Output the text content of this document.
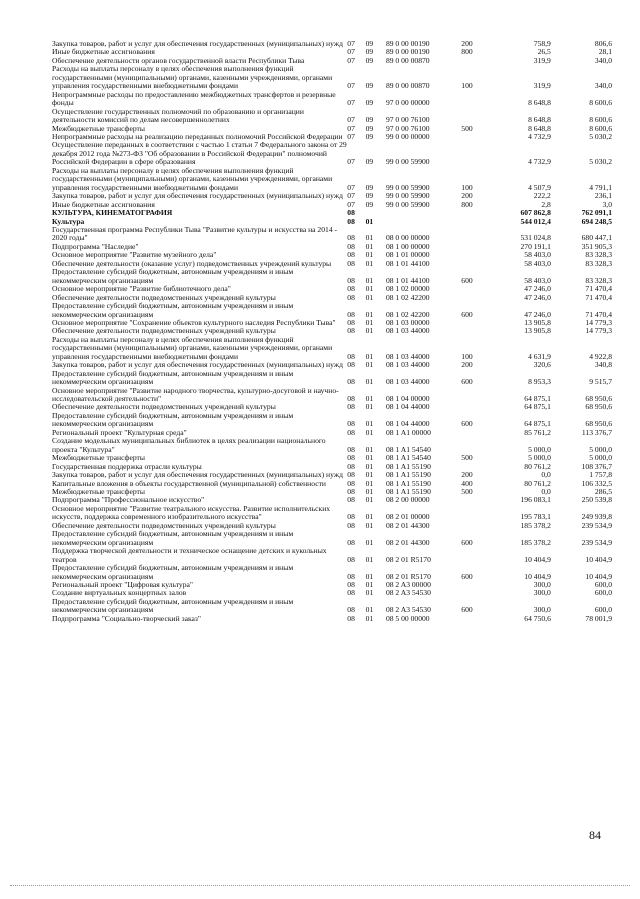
Закупка товаров, работ и услуг для обеспечения государственных (муниципальных) нужд	07	09	89 0 00 00190	200	758,9	806,6
Иные бюджетные ассигнования	07	09	89 0 00 00190	800	26,5	28,1
Обеспечение деятельности органов государственной власти Республики Тыва	07	09	89 0 00 00870		319,9	340,0
Расходы на выплаты персоналу в целях обеспечения выполнения функций государственными (муниципальными) органами, казенными учреждениями, органами управления государственными внебюджетными фондами	07	09	89 0 00 00870	100	319,9	340,0
Непрограммные расходы по предоставлению межбюджетных трансфертов и резервные фонды	07	09	97 0 00 00000		8 648,8	8 600,6
Осуществление государственных полномочий по образованию и организации деятельности комиссий по делам несовершеннолетних	07	09	97 0 00 76100		8 648,8	8 600,6
Межбюджетные трансферты	07	09	97 0 00 76100	500	8 648,8	8 600,6
Непрограммные расходы на реализацию переданных полномочий Российской Федерации	07	09	99 0 00 00000		4 732,9	5 030,2
Осуществление переданных в соответствии с частью 1 статьи 7 Федерального закона от 29 декабря 2012 года №273-ФЗ "Об образовании в Российской Федерации" полномочий Российской Федерации в сфере образования	07	09	99 0 00 59900		4 732,9	5 030,2
Расходы на выплаты персоналу в целях обеспечения выполнения функций государственными (муниципальными) органами, казенными учреждениями, органами управления государственными внебюджетными фондами	07	09	99 0 00 59900	100	4 507,9	4 791,1
Закупка товаров, работ и услуг для обеспечения государственных (муниципальных) нужд	07	09	99 0 00 59900	200	222,2	236,1
Иные бюджетные ассигнования	07	09	99 0 00 59900	800	2,8	3,0
КУЛЬТУРА, КИНЕМАТОГРАФИЯ	08				607 862,8	762 091,1
Культура	08	01			544 012,4	694 248,5
Государственная программа Республики Тыва "Развитие культуры и искусства на 2014 - 2020 годы"	08	01	08 0 00 00000		531 024,8	680 447,1
Подпрограмма "Наследие"	08	01	08 1 00 00000		270 191,1	351 905,3
Основное мероприятие "Развитие музейного дела"	08	01	08 1 01 00000		58 403,0	83 328,3
Обеспечение деятельности (оказание услуг) подведомственных учреждений культуры	08	01	08 1 01 44100		58 403,0	83 328,3
Предоставление субсидий бюджетным, автономным учреждениям и иным некоммерческим организациям	08	01	08 1 01 44100	600	58 403,0	83 328,3
Основное мероприятие "Развитие библиотечного дела"	08	01	08 1 02 00000		47 246,0	71 470,4
Обеспечение деятельности подведомственных учреждений культуры	08	01	08 1 02 42200		47 246,0	71 470,4
Предоставление субсидий бюджетным, автономным учреждениям и иным некоммерческим организациям	08	01	08 1 02 42200	600	47 246,0	71 470,4
Основное мероприятие "Сохранение объектов культурного наследия Республики Тыва"	08	01	08 1 03 00000		13 905,8	14 779,3
Обеспечение деятельности подведомственных учреждений культуры	08	01	08 1 03 44000		13 905,8	14 779,3
Расходы на выплаты персоналу в целях обеспечения выполнения функций государственными (муниципальными) органами, казенными учреждениями, органами управления государственными внебюджетными фондами	08	01	08 1 03 44000	100	4 631,9	4 922,8
Закупка товаров, работ и услуг для обеспечения государственных (муниципальных) нужд	08	01	08 1 03 44000	200	320,6	340,8
Предоставление субсидий бюджетным, автономным учреждениям и иным некоммерческим организациям	08	01	08 1 03 44000	600	8 953,3	9 515,7
Основное мероприятие "Развитие народного творчества, культурно-досуговой и научно-исследовательской деятельности"	08	01	08 1 04 00000		64 875,1	68 950,6
Обеспечение деятельности подведомственных учреждений культуры	08	01	08 1 04 44000		64 875,1	68 950,6
Предоставление субсидий бюджетным, автономным учреждениям и иным некоммерческим организациям	08	01	08 1 04 44000	600	64 875,1	68 950,6
Региональный проект "Культурная среда"	08	01	08 1 A1 00000		85 761,2	113 376,7
Создание модельных муниципальных библиотек в целях реализации национального проекта "Культура"	08	01	08 1 A1 54540		5 000,0	5 000,0
Межбюджетные трансферты	08	01	08 1 A1 54540	500	5 000,0	5 000,0
Государственная поддержка отрасли культуры	08	01	08 1 A1 55190		80 761,2	108 376,7
Закупка товаров, работ и услуг для обеспечения государственных (муниципальных) нужд	08	01	08 1 A1 55190	200	0,0	1 757,8
Капитальные вложения в объекты государственной (муниципальной) собственности	08	01	08 1 A1 55190	400	80 761,2	106 332,5
Межбюджетные трансферты	08	01	08 1 A1 55190	500	0,0	286,5
Подпрограмма "Профессиональное искусство"	08	01	08 2 00 00000		196 083,1	250 539,8
Основное мероприятие "Развитие театрального искусства. Развитие исполнительских искусств, поддержка современного изобразительного искусства"	08	01	08 2 01 00000		195 783,1	249 939,8
Обеспечение деятельности подведомственных учреждений культуры	08	01	08 2 01 44300		185 378,2	239 534,9
Предоставление субсидий бюджетным, автономным учреждениям и иным некоммерческим организациям	08	01	08 2 01 44300	600	185 378,2	239 534,9
Поддержка творческой деятельности и техническое оснащение детских и кукольных театров	08	01	08 2 01 R5170		10 404,9	10 404,9
Предоставление субсидий бюджетным, автономным учреждениям и иным некоммерческим организациям	08	01	08 2 01 R5170	600	10 404,9	10 404,9
Региональный проект "Цифровая культура"	08	01	08 2 A3 00000		300,0	600,0
Создание виртуальных концертных залов	08	01	08 2 A3 54530		300,0	600,0
Предоставление субсидий бюджетным, автономным учреждениям и иным некоммерческим организациям	08	01	08 2 A3 54530	600	300,0	600,0
Подпрограмма "Социально-творческий заказ"	08	01	08 5 00 00000		64 750,6	78 001,9
84
